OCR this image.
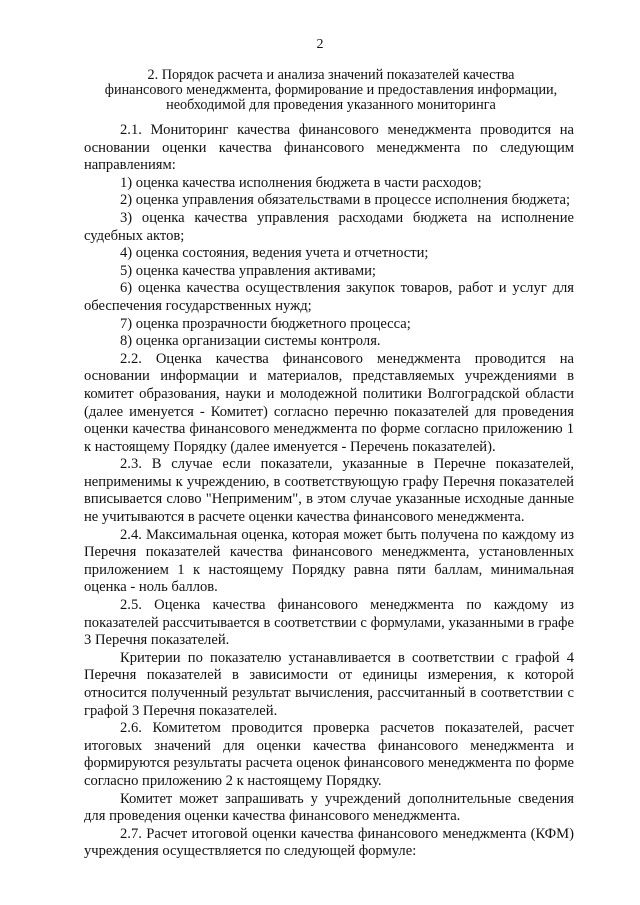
2
2. Порядок расчета и анализа значений показателей качества
финансового менеджмента, формирование и предоставления информации,
необходимой для проведения указанного мониторинга

2.1. Мониторинг качества финансового менеджмента проводится на основании оценки качества финансового менеджмента по следующим направлениям:

1) оценка качества исполнения бюджета в части расходов;

2) оценка управления обязательствами в процессе исполнения бюджета;

3) оценка качества управления расходами бюджета на исполнение судебных актов;

4) оценка состояния, ведения учета и отчетности;

5) оценка качества управления активами;

6) оценка качества осуществления закупок товаров, работ и услуг для обеспечения государственных нужд;

7) оценка прозрачности бюджетного процесса;

8) оценка организации системы контроля.

2.2. Оценка качества финансового менеджмента проводится на основании информации и материалов, представляемых учреждениями в комитет образования, науки и молодежной политики Волгоградской области (далее именуется - Комитет) согласно перечню показателей для проведения оценки качества финансового менеджмента по форме согласно приложению 1 к настоящему Порядку (далее именуется - Перечень показателей).

2.3. В случае если показатели, указанные в Перечне показателей, неприменимы к учреждению, в соответствующую графу Перечня показателей вписывается слово "Неприменим", в этом случае указанные исходные данные не учитываются в расчете оценки качества финансового менеджмента.

2.4. Максимальная оценка, которая может быть получена по каждому из Перечня показателей качества финансового менеджмента, установленных приложением 1 к настоящему Порядку равна пяти баллам, минимальная оценка - ноль баллов.

2.5. Оценка качества финансового менеджмента по каждому из показателей рассчитывается в соответствии с формулами, указанными в графе 3 Перечня показателей.

Критерии по показателю устанавливается в соответствии с графой 4 Перечня показателей в зависимости от единицы измерения, к которой относится полученный результат вычисления, рассчитанный в соответствии с графой 3 Перечня показателей.

2.6. Комитетом проводится проверка расчетов показателей, расчет итоговых значений для оценки качества финансового менеджмента и формируются результаты расчета оценок финансового менеджмента по форме согласно приложению 2 к настоящему Порядку.

Комитет может запрашивать у учреждений дополнительные сведения для проведения оценки качества финансового менеджмента.

2.7. Расчет итоговой оценки качества финансового менеджмента (КФМ) учреждения осуществляется по следующей формуле:
